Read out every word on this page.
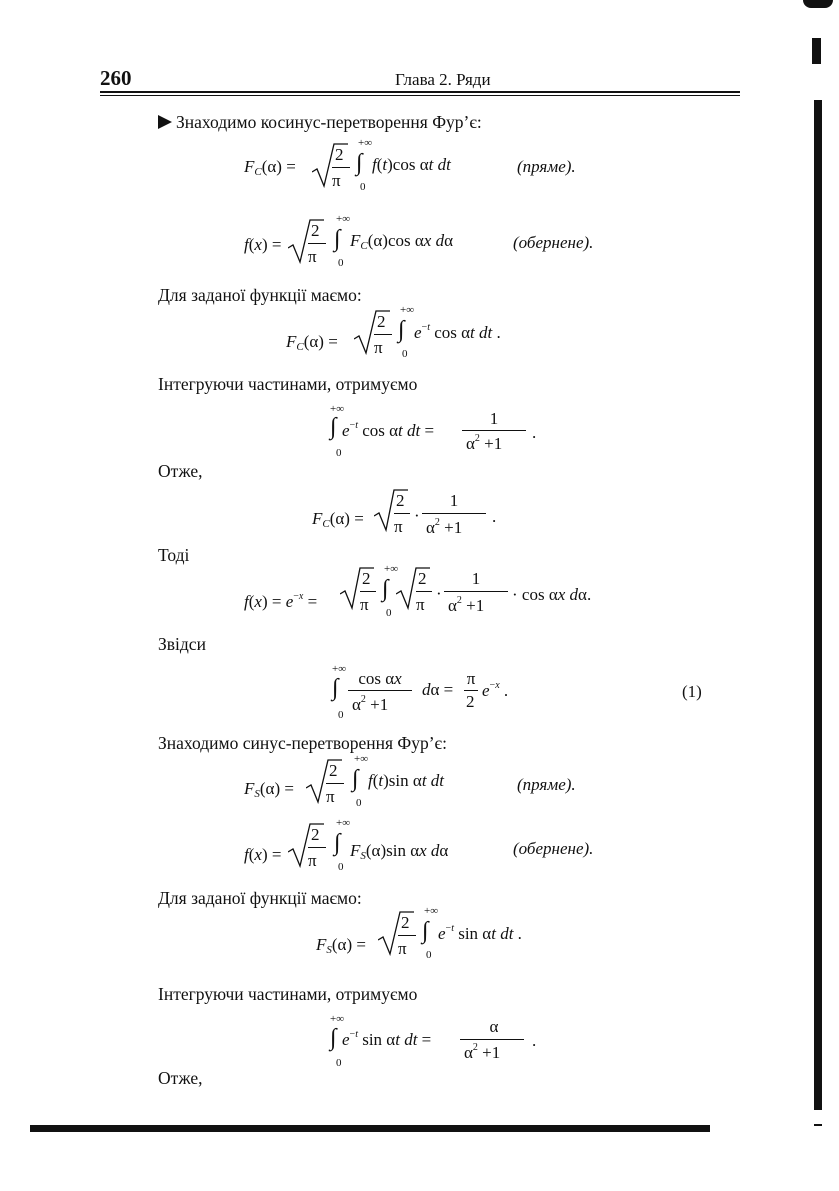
260	Глава 2. Ряди
Знаходимо косинус-перетворення Фур’є:
$F_C(\alpha)$ =
2
π
+∞
∫
0
f(t)cos αt dt	(пряме).
f(x) =
2
π
+∞
∫
0
$F_C(\alpha)\cos$ αx dα	(обернене).
Для заданої функції маємо:
$F_C(\alpha)$ =
2
π
+∞
∫
0
$e^{-t}$ cos αt dt .
Інтегруючи частинами, отримуємо
+∞
∫
0
$e^{-t}$ cos αt dt =
1
$\alpha^2 +1$
.
Отже,
$F_C(\alpha)$ =
2
π
·
1
$\alpha^2 +1$
.
Тоді
$f(x) = e^{-x}$ =
2
π
+∞
∫
0
2
π
·
1
$\alpha^2 +1$
· cos αx dα.
Звідси
+∞
∫
0
cos αx
$\alpha^2 +1$
dα =
π
2
$e^{-x}$ .	(1)
Знаходимо синус-перетворення Фур’є:
$F_S(\alpha)$ =
2
π
+∞
∫
0
f(t)sin αt dt	(пряме).
f(x) =
2
π
+∞
∫
0
$F_S(\alpha)\sin$ αx dα	(обернене).
Для заданої функції маємо:
$F_S(\alpha)$ =
2
π
+∞
∫
0
$e^{-t}$ sin αt dt .
Інтегруючи частинами, отримуємо
+∞
∫
0
$e^{-t}$ sin αt dt =
α
$\alpha^2 +1$
.
Отже,
